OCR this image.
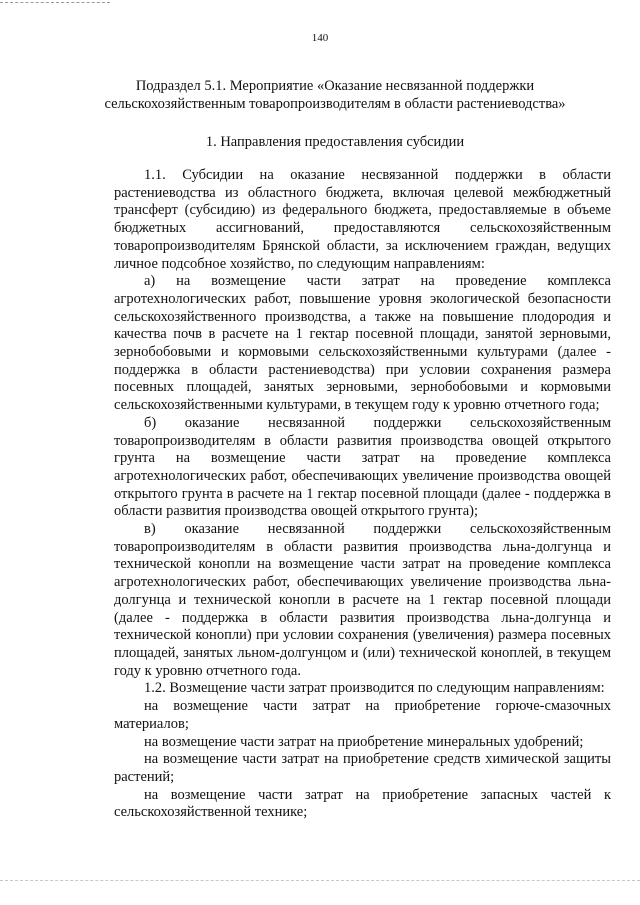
140
Подраздел 5.1. Мероприятие «Оказание несвязанной поддержки
сельскохозяйственным товаропроизводителям в области растениеводства»
1. Направления предоставления субсидии

1.1. Субсидии на оказание несвязанной поддержки в области растениеводства из областного бюджета, включая целевой межбюджетный трансферт (субсидию) из федерального бюджета, предоставляемые в объеме бюджетных ассигнований, предоставляются сельскохозяйственным товаропроизводителям Брянской области, за исключением граждан, ведущих личное подсобное хозяйство, по следующим направлениям:

а) на возмещение части затрат на проведение комплекса агротехнологических работ, повышение уровня экологической безопасности сельскохозяйственного производства, а также на повышение плодородия и качества почв в расчете на 1 гектар посевной площади, занятой зерновыми, зернобобовыми и кормовыми сельскохозяйственными культурами (далее - поддержка в области растениеводства) при условии сохранения размера посевных площадей, занятых зерновыми, зернобобовыми и кормовыми сельскохозяйственными культурами, в текущем году к уровню отчетного года;

б) оказание несвязанной поддержки сельскохозяйственным товаропроизводителям в области развития производства овощей открытого грунта на возмещение части затрат на проведение комплекса агротехнологических работ, обеспечивающих увеличение производства овощей открытого грунта в расчете на 1 гектар посевной площади (далее - поддержка в области развития производства овощей открытого грунта);

в) оказание несвязанной поддержки сельскохозяйственным товаропроизводителям в области развития производства льна-долгунца и технической конопли на возмещение части затрат на проведение комплекса агротехнологических работ, обеспечивающих увеличение производства льна-долгунца и технической конопли в расчете на 1 гектар посевной площади (далее - поддержка в области развития производства льна-долгунца и технической конопли) при условии сохранения (увеличения) размера посевных площадей, занятых льном-долгунцом и (или) технической коноплей, в текущем году к уровню отчетного года.

1.2. Возмещение части затрат производится по следующим направлениям:

на возмещение части затрат на приобретение горюче-смазочных материалов;

на возмещение части затрат на приобретение минеральных удобрений;

на возмещение части затрат на приобретение средств химической защиты растений;

на возмещение части затрат на приобретение запасных частей к сельскохозяйственной технике;
